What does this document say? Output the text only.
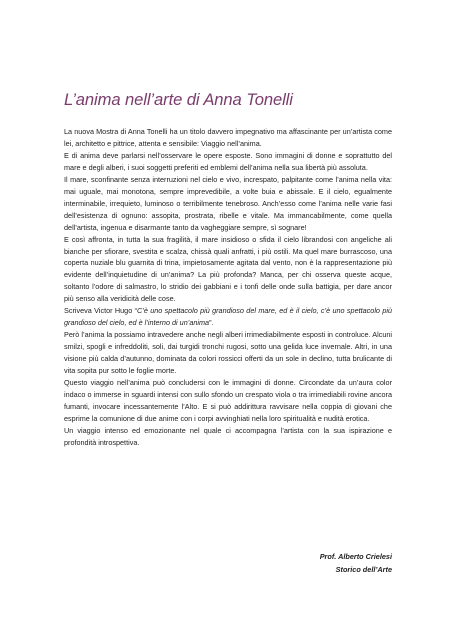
L’anima nell’arte di Anna Tonelli

La nuova Mostra di Anna Tonelli ha un titolo davvero impegnativo ma affascinante per un’artista come lei, architetto e pittrice, attenta e sensibile: Viaggio nell’anima.

E di anima deve parlarsi nell’osservare le opere esposte. Sono immagini di donne e soprattutto del mare e degli alberi, i suoi soggetti preferiti ed emblemi dell’anima nella sua libertà più assoluta.

Il mare, sconfinante senza interruzioni nel cielo e vivo, increspato, palpitante come l’anima nella vita: mai uguale, mai monotona, sempre imprevedibile, a volte buia e abissale. E il cielo, egualmente interminabile, irrequieto, luminoso o terribilmente tenebroso. Anch’esso come l’anima nelle varie fasi dell’esistenza di ognuno: assopita, prostrata, ribelle e vitale. Ma immancabilmente, come quella dell’artista, ingenua e disarmante tanto da vagheggiare sempre, sì sognare!

E così affronta, in tutta la sua fragilità, il mare insidioso o sfida il cielo librandosi con angeliche ali bianche per sfiorare, svestita e scalza, chissà quali anfratti, i più ostili. Ma quel mare burrascoso, una coperta nuziale blu guarnita di trina, impietosamente agitata dal vento, non è la rappresentazione più evidente dell’inquietudine di un’anima? La più profonda? Manca, per chi osserva queste acque, soltanto l’odore di salmastro, lo stridio dei gabbiani e i tonfi delle onde sulla battigia, per dare ancor più senso alla veridicità delle cose.

Scriveva Victor Hugo “C’è uno spettacolo più grandioso del mare, ed è il cielo, c’è uno spettacolo più grandioso del cielo, ed è l’interno di un’anima”.

Però l’anima la possiamo intravedere anche negli alberi irrimediabilmente esposti in controluce. Alcuni smilzi, spogli e infreddoliti, soli, dai turgidi tronchi rugosi, sotto una gelida luce invernale. Altri, in una visione più calda d’autunno, dominata da colori rossicci offerti da un sole in declino, tutta brulicante di vita sopita pur sotto le foglie morte.

Questo viaggio nell’anima può concludersi con le immagini di donne. Circondate da un’aura color indaco o immerse in sguardi intensi con sullo sfondo un crespato viola o tra irrimediabili rovine ancora fumanti, invocare incessantemente l’Alto. E si può addirittura ravvisare nella coppia di giovani che esprime la comunione di due anime con i corpi avvinghiati nella loro spiritualità e nudità erotica.

Un viaggio intenso ed emozionante nel quale ci accompagna l’artista con la sua ispirazione e profondità introspettiva.

Prof. Alberto Crielesi
Storico dell’Arte
